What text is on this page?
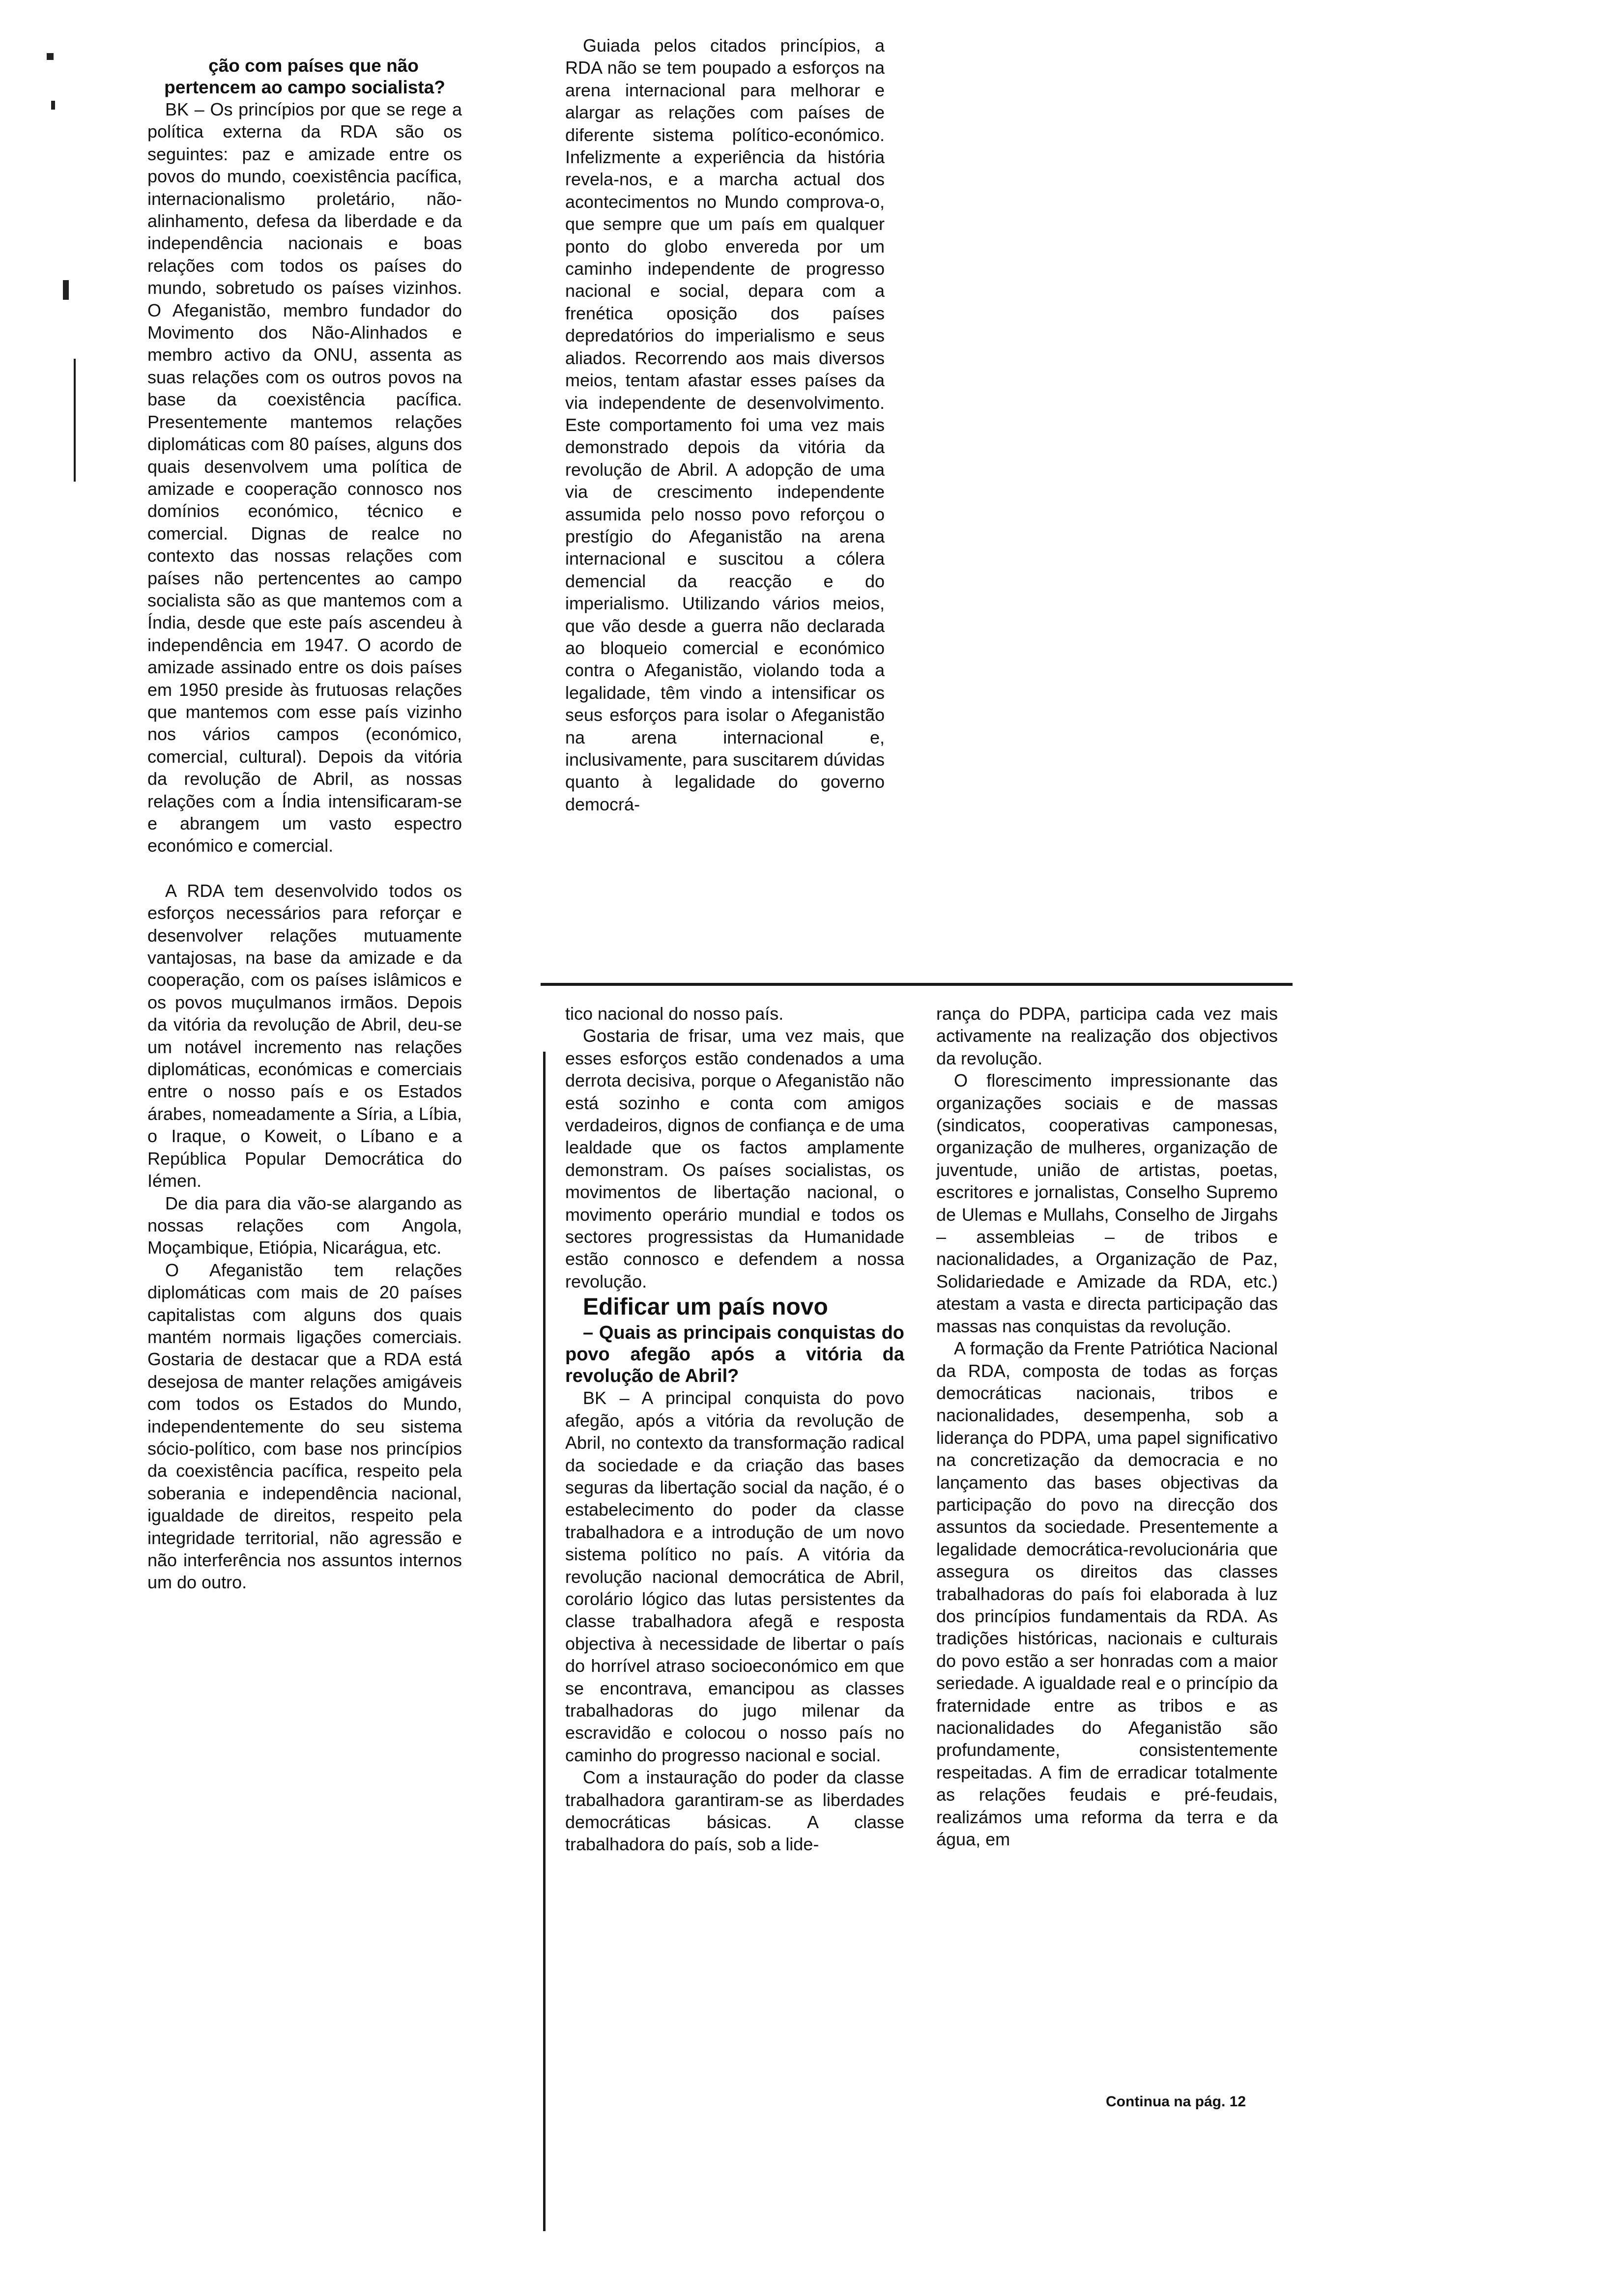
ção com países que não pertencem ao campo socialista?

BK – Os princípios por que se rege a política externa da RDA são os seguintes: paz e amizade entre os povos do mundo, coexistência pacífica, internacionalismo proletário, não-alinhamento, defesa da liberdade e da independência nacionais e boas relações com todos os países do mundo, sobretudo os países vizinhos. O Afeganistão, membro fundador do Movimento dos Não-Alinhados e membro activo da ONU, assenta as suas relações com os outros povos na base da coexistência pacífica. Presentemente mantemos relações diplomáticas com 80 países, alguns dos quais desenvolvem uma política de amizade e cooperação connosco nos domínios económico, técnico e comercial. Dignas de realce no contexto das nossas relações com países não pertencentes ao campo socialista são as que mantemos com a Índia, desde que este país ascendeu à independência em 1947. O acordo de amizade assinado entre os dois países em 1950 preside às frutuosas relações que mantemos com esse país vizinho nos vários campos (económico, comercial, cultural). Depois da vitória da revolução de Abril, as nossas relações com a Índia intensificaram-se e abrangem um vasto espectro económico e comercial.

A RDA tem desenvolvido todos os esforços necessários para reforçar e desenvolver relações mutuamente vantajosas, na base da amizade e da cooperação, com os países islâmicos e os povos muçulmanos irmãos. Depois da vitória da revolução de Abril, deu-se um notável incremento nas relações diplomáticas, económicas e comerciais entre o nosso país e os Estados árabes, nomeadamente a Síria, a Líbia, o Iraque, o Koweit, o Líbano e a República Popular Democrática do Iémen.

De dia para dia vão-se alargando as nossas relações com Angola, Moçambique, Etiópia, Nicarágua, etc.

O Afeganistão tem relações diplomáticas com mais de 20 países capitalistas com alguns dos quais mantém normais ligações comerciais. Gostaria de destacar que a RDA está desejosa de manter relações amigáveis com todos os Estados do Mundo, independentemente do seu sistema sócio-político, com base nos princípios da coexistência pacífica, respeito pela soberania e independência nacional, igualdade de direitos, respeito pela integridade territorial, não agressão e não interferência nos assuntos internos um do outro.

Guiada pelos citados princípios, a RDA não se tem poupado a esforços na arena internacional para melhorar e alargar as relações com países de diferente sistema político-económico. Infelizmente a experiência da história revela-nos, e a marcha actual dos acontecimentos no Mundo comprova-o, que sempre que um país em qualquer ponto do globo envereda por um caminho independente de progresso nacional e social, depara com a frenética oposição dos países depredatórios do imperialismo e seus aliados. Recorrendo aos mais diversos meios, tentam afastar esses países da via independente de desenvolvimento. Este comportamento foi uma vez mais demonstrado depois da vitória da revolução de Abril. A adopção de uma via de crescimento independente assumida pelo nosso povo reforçou o prestígio do Afeganistão na arena internacional e suscitou a cólera demencial da reacção e do imperialismo. Utilizando vários meios, que vão desde a guerra não declarada ao bloqueio comercial e económico contra o Afeganistão, violando toda a legalidade, têm vindo a intensificar os seus esforços para isolar o Afeganistão na arena internacional e, inclusivamente, para suscitarem dúvidas quanto à legalidade do governo democrá-

tico nacional do nosso país.

Gostaria de frisar, uma vez mais, que esses esforços estão condenados a uma derrota decisiva, porque o Afeganistão não está sozinho e conta com amigos verdadeiros, dignos de confiança e de uma lealdade que os factos amplamente demonstram. Os países socialistas, os movimentos de libertação nacional, o movimento operário mundial e todos os sectores progressistas da Humanidade estão connosco e defendem a nossa revolução.

Edificar um país novo

– Quais as principais conquistas do povo afegão após a vitória da revolução de Abril?

BK – A principal conquista do povo afegão, após a vitória da revolução de Abril, no contexto da transformação radical da sociedade e da criação das bases seguras da libertação social da nação, é o estabelecimento do poder da classe trabalhadora e a introdução de um novo sistema político no país. A vitória da revolução nacional democrática de Abril, corolário lógico das lutas persistentes da classe trabalhadora afegã e resposta objectiva à necessidade de libertar o país do horrível atraso socioeconómico em que se encontrava, emancipou as classes trabalhadoras do jugo milenar da escravidão e colocou o nosso país no caminho do progresso nacional e social.

Com a instauração do poder da classe trabalhadora garantiram-se as liberdades democráticas básicas. A classe trabalhadora do país, sob a lide-

rança do PDPA, participa cada vez mais activamente na realização dos objectivos da revolução.

O florescimento impressionante das organizações sociais e de massas (sindicatos, cooperativas camponesas, organização de mulheres, organização de juventude, união de artistas, poetas, escritores e jornalistas, Conselho Supremo de Ulemas e Mullahs, Conselho de Jirgahs – assembleias – de tribos e nacionalidades, a Organização de Paz, Solidariedade e Amizade da RDA, etc.) atestam a vasta e directa participação das massas nas conquistas da revolução.

A formação da Frente Patriótica Nacional da RDA, composta de todas as forças democráticas nacionais, tribos e nacionalidades, desempenha, sob a liderança do PDPA, uma papel significativo na concretização da democracia e no lançamento das bases objectivas da participação do povo na direcção dos assuntos da sociedade. Presentemente a legalidade democrática-revolucionária que assegura os direitos das classes trabalhadoras do país foi elaborada à luz dos princípios fundamentais da RDA. As tradições históricas, nacionais e culturais do povo estão a ser honradas com a maior seriedade. A igualdade real e o princípio da fraternidade entre as tribos e as nacionalidades do Afeganistão são profundamente, consistentemente respeitadas. A fim de erradicar totalmente as relações feudais e pré-feudais, realizámos uma reforma da terra e da água, em

Continua na pág. 12
